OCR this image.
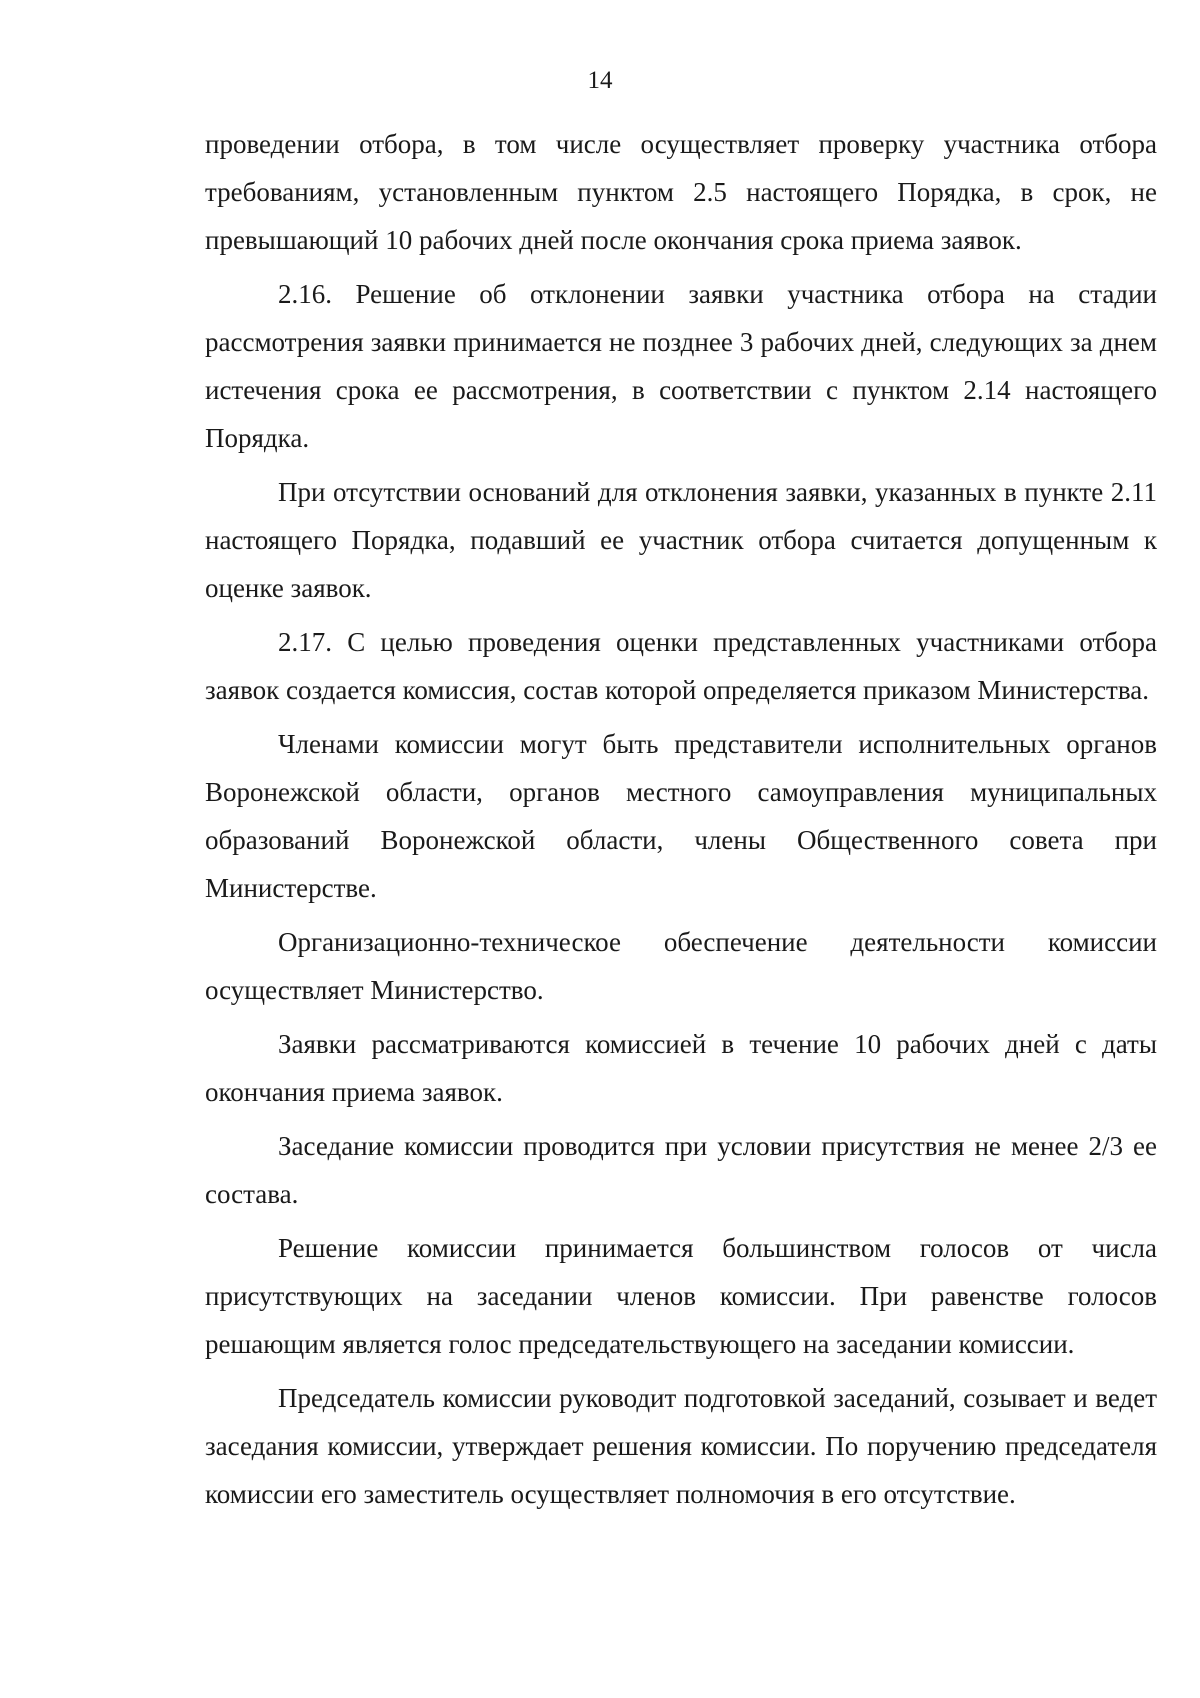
14

проведении отбора, в том числе осуществляет проверку участника отбора требованиям, установленным пунктом 2.5 настоящего Порядка, в срок, не превышающий 10 рабочих дней после окончания срока приема заявок.

2.16. Решение об отклонении заявки участника отбора на стадии рассмотрения заявки принимается не позднее 3 рабочих дней, следующих за днем истечения срока ее рассмотрения, в соответствии с пунктом 2.14 настоящего Порядка.

При отсутствии оснований для отклонения заявки, указанных в пункте 2.11 настоящего Порядка, подавший ее участник отбора считается допущенным к оценке заявок.

2.17. С целью проведения оценки представленных участниками отбора заявок создается комиссия, состав которой определяется приказом Министерства.

Членами комиссии могут быть представители исполнительных органов Воронежской области, органов местного самоуправления муниципальных образований Воронежской области, члены Общественного совета при Министерстве.

Организационно-техническое обеспечение деятельности комиссии осуществляет Министерство.

Заявки рассматриваются комиссией в течение 10 рабочих дней с даты окончания приема заявок.

Заседание комиссии проводится при условии присутствия не менее 2/3 ее состава.

Решение комиссии принимается большинством голосов от числа присутствующих на заседании членов комиссии. При равенстве голосов решающим является голос председательствующего на заседании комиссии.

Председатель комиссии руководит подготовкой заседаний, созывает и ведет заседания комиссии, утверждает решения комиссии. По поручению председателя комиссии его заместитель осуществляет полномочия в его отсутствие.
